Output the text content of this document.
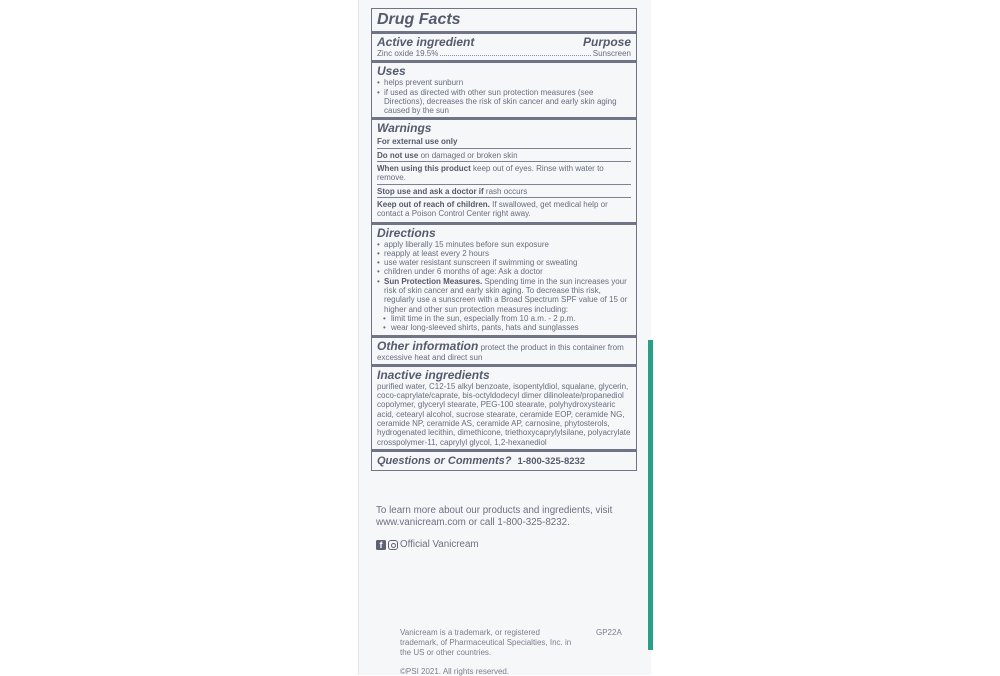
Drug Facts
Active ingredient	Purpose
Zinc oxide 19.5%	Sunscreen
Uses
• helps prevent sunburn
• if used as directed with other sun protection measures (see Directions), decreases the risk of skin cancer and early skin aging caused by the sun
Warnings
For external use only
Do not use on damaged or broken skin
When using this product keep out of eyes. Rinse with water to remove.
Stop use and ask a doctor if rash occurs
Keep out of reach of children. If swallowed, get medical help or contact a Poison Control Center right away.
Directions
• apply liberally 15 minutes before sun exposure
• reapply at least every 2 hours
• use water resistant sunscreen if swimming or sweating
• children under 6 months of age: Ask a doctor
• Sun Protection Measures. Spending time in the sun increases your risk of skin cancer and early skin aging. To decrease this risk, regularly use a sunscreen with a Broad Spectrum SPF value of 15 or higher and other sun protection measures including:
• limit time in the sun, especially from 10 a.m. - 2 p.m.
• wear long-sleeved shirts, pants, hats and sunglasses
Other information protect the product in this container from excessive heat and direct sun
Inactive ingredients
purified water, C12-15 alkyl benzoate, isopentyldiol, squalane, glycerin, coco-caprylate/caprate, bis-octyldodecyl dimer dilinoleate/propanediol copolymer, glyceryl stearate, PEG-100 stearate, polyhydroxystearic acid, cetearyl alcohol, sucrose stearate, ceramide EOP, ceramide NG, ceramide NP, ceramide AS, ceramide AP, carnosine, phytosterols, hydrogenated lecithin, dimethicone, triethoxycaprylylsilane, polyacrylate crosspolymer-11, caprylyl glycol, 1,2-hexanediol
Questions or Comments? 1-800-325-8232
To learn more about our products and ingredients, visit www.vanicream.com or call 1-800-325-8232.
f	Official Vanicream
Vanicream is a trademark, or registered trademark, of Pharmaceutical Specialties, Inc. in the US or other countries.
GP22A
©PSI 2021. All rights reserved.
